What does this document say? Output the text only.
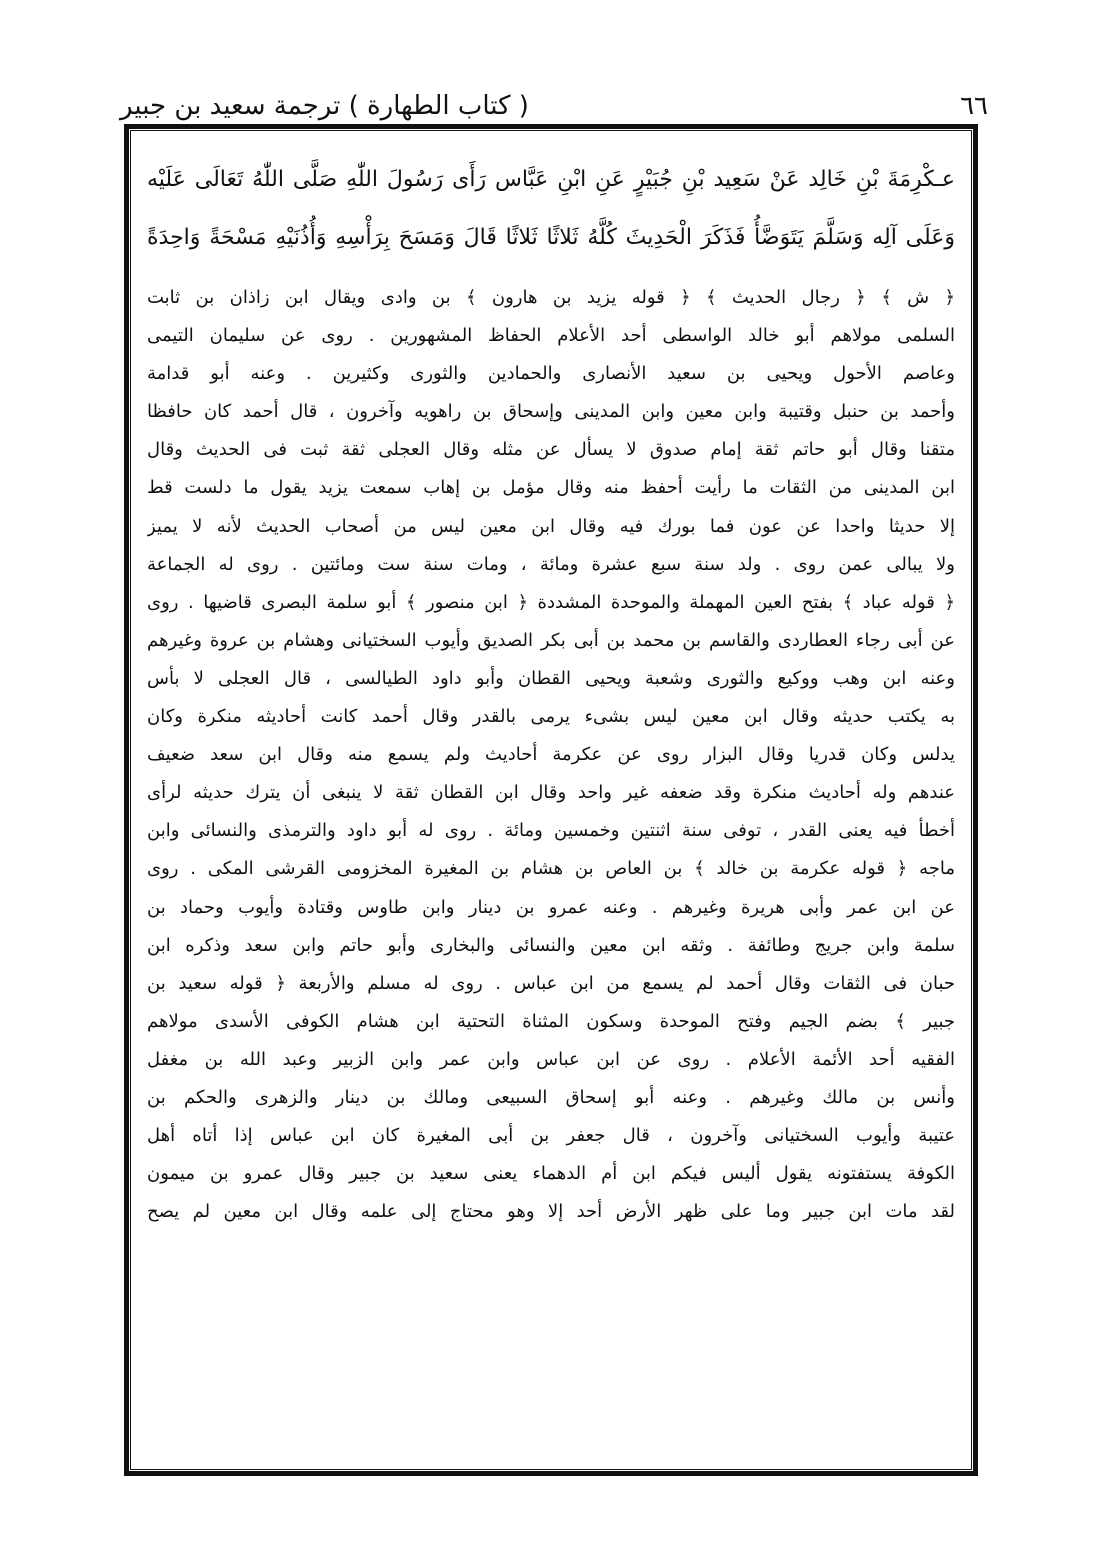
٦٦
( كتاب الطهارة ) ترجمة سعيد بن جبير
عـكْرِمَةَ بْنِ خَالِد عَنْ سَعِيد بْنِ جُبَيْرٍ عَنِ ابْنِ عَبَّاس رَأَى رَسُولَ اللّٰهِ صَلَّى اللّٰهُ تَعَالَى عَلَيْه
وَعَلَى آلِه وَسَلَّمَ يَتَوَضَّأُ فَذَكَرَ الْحَدِيثَ كُلَّهُ ثَلاثًا ثَلاثًا قَالَ وَمَسَحَ بِرَأْسِهِ وَأُذُنَيْهِ مَسْحَةً وَاحِدَةً
﴿ ش ﴾ ﴿ رجال الحديث ﴾ ﴿ قوله يزيد بن هارون ﴾ بن وادى ويقال ابن زاذان بن ثابت
السلمى مولاهم أبو خالد الواسطى أحد الأعلام الحفاظ المشهورين . روى عن سليمان التيمى
وعاصم الأحول ويحيى بن سعيد الأنصارى والحمادين والثورى وكثيرين . وعنه أبو قدامة
وأحمد بن حنبل وقتيبة وابن معين وابن المدينى وإسحاق بن راهويه وآخرون ، قال أحمد كان حافظا
متقنا وقال أبو حاتم ثقة إمام صدوق لا يسأل عن مثله وقال العجلى ثقة ثبت فى الحديث وقال
ابن المدينى من الثقات ما رأيت أحفظ منه وقال مؤمل بن إهاب سمعت يزيد يقول ما دلست قط
إلا حديثا واحدا عن عون فما بورك فيه وقال ابن معين ليس من أصحاب الحديث لأنه لا يميز
ولا يبالى عمن روى . ولد سنة سبع عشرة ومائة ، ومات سنة ست ومائتين . روى له الجماعة
﴿ قوله عباد ﴾ بفتح العين المهملة والموحدة المشددة ﴿ ابن منصور ﴾ أبو سلمة البصرى قاضيها . روى
عن أبى رجاء العطاردى والقاسم بن محمد بن أبى بكر الصديق وأيوب السختيانى وهشام بن عروة وغيرهم
وعنه ابن وهب ووكيع والثورى وشعبة ويحيى القطان وأبو داود الطيالسى ، قال العجلى لا بأس
به يكتب حديثه وقال ابن معين ليس بشىء يرمى بالقدر وقال أحمد كانت أحاديثه منكرة وكان
يدلس وكان قدريا وقال البزار روى عن عكرمة أحاديث ولم يسمع منه وقال ابن سعد ضعيف
عندهم وله أحاديث منكرة وقد ضعفه غير واحد وقال ابن القطان ثقة لا ينبغى أن يترك حديثه لرأى
أخطأ فيه يعنى القدر ، توفى سنة اثنتين وخمسين ومائة . روى له أبو داود والترمذى والنسائى وابن
ماجه ﴿ قوله عكرمة بن خالد ﴾ بن العاص بن هشام بن المغيرة المخزومى القرشى المكى . روى
عن ابن عمر وأبى هريرة وغيرهم . وعنه عمرو بن دينار وابن طاوس وقتادة وأيوب وحماد بن
سلمة وابن جريج وطائفة . وثقه ابن معين والنسائى والبخارى وأبو حاتم وابن سعد وذكره ابن
حبان فى الثقات وقال أحمد لم يسمع من ابن عباس . روى له مسلم والأربعة ﴿ قوله سعيد بن
جبير ﴾ بضم الجيم وفتح الموحدة وسكون المثناة التحتية ابن هشام الكوفى الأسدى مولاهم
الفقيه أحد الأئمة الأعلام . روى عن ابن عباس وابن عمر وابن الزبير وعبد الله بن مغفل
وأنس بن مالك وغيرهم . وعنه أبو إسحاق السبيعى ومالك بن دينار والزهرى والحكم بن
عتيبة وأيوب السختيانى وآخرون ، قال جعفر بن أبى المغيرة كان ابن عباس إذا أتاه أهل
الكوفة يستفتونه يقول أليس فيكم ابن أم الدهماء يعنى سعيد بن جبير وقال عمرو بن ميمون
لقد مات ابن جبير وما على ظهر الأرض أحد إلا وهو محتاج إلى علمه وقال ابن معين لم يصح
